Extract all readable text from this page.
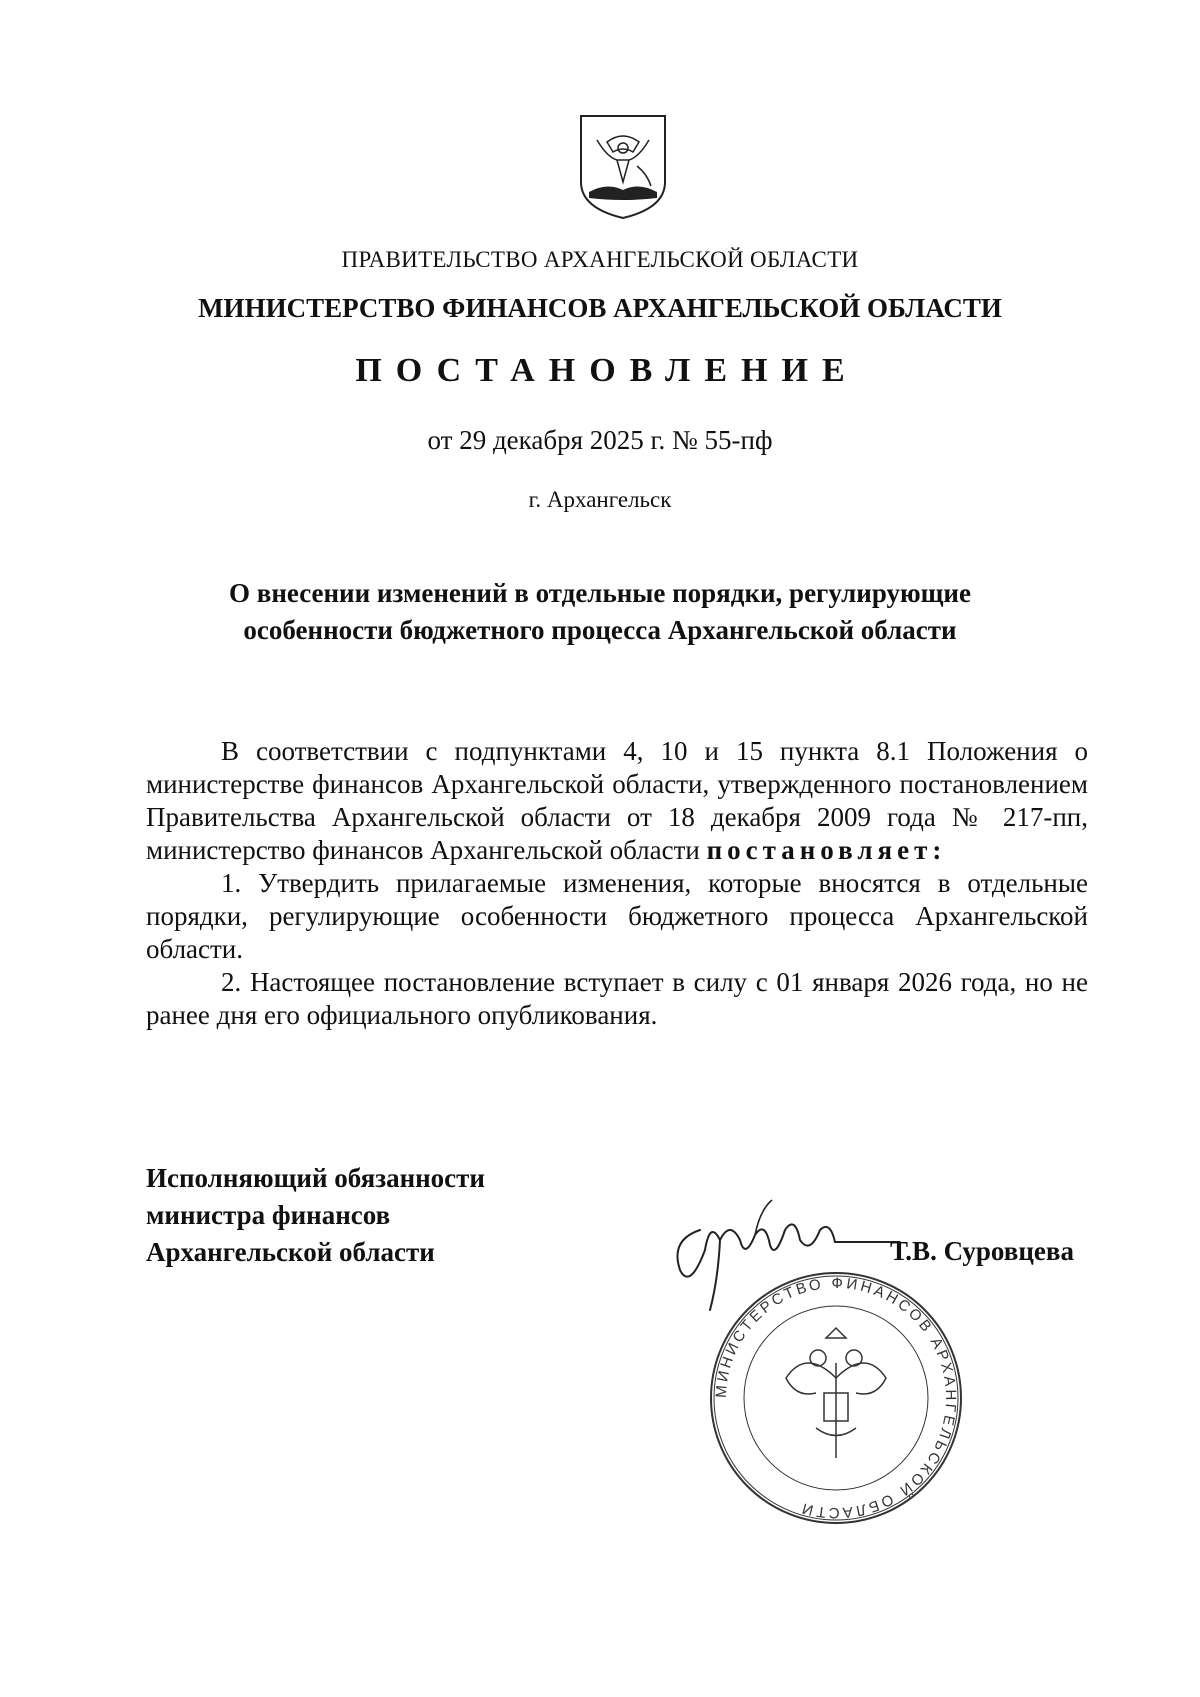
ПРАВИТЕЛЬСТВО АРХАНГЕЛЬСКОЙ ОБЛАСТИ
МИНИСТЕРСТВО ФИНАНСОВ АРХАНГЕЛЬСКОЙ ОБЛАСТИ
ПОСТАНОВЛЕНИЕ
от 29 декабря 2025 г. № 55-пф
г. Архангельск
О внесении изменений в отдельные порядки, регулирующие
особенности бюджетного процесса Архангельской области

В соответствии с подпунктами 4, 10 и 15 пункта 8.1 Положения о министерстве финансов Архангельской области, утвержденного постановлением Правительства Архангельской области от 18 декабря 2009 года № 217-пп, министерство финансов Архангельской области постановляет:

1. Утвердить прилагаемые изменения, которые вносятся в отдельные порядки, регулирующие особенности бюджетного процесса Архангельской области.

2. Настоящее постановление вступает в силу с 01 января 2026 года, но не ранее дня его официального опубликования.

Исполняющий обязанности
министра финансов
Архангельской области	Т.В. Суровцева
МИНИСТЕРСТВО ФИНАНСОВ АРХАНГЕЛЬСКОЙ ОБЛАСТИ
